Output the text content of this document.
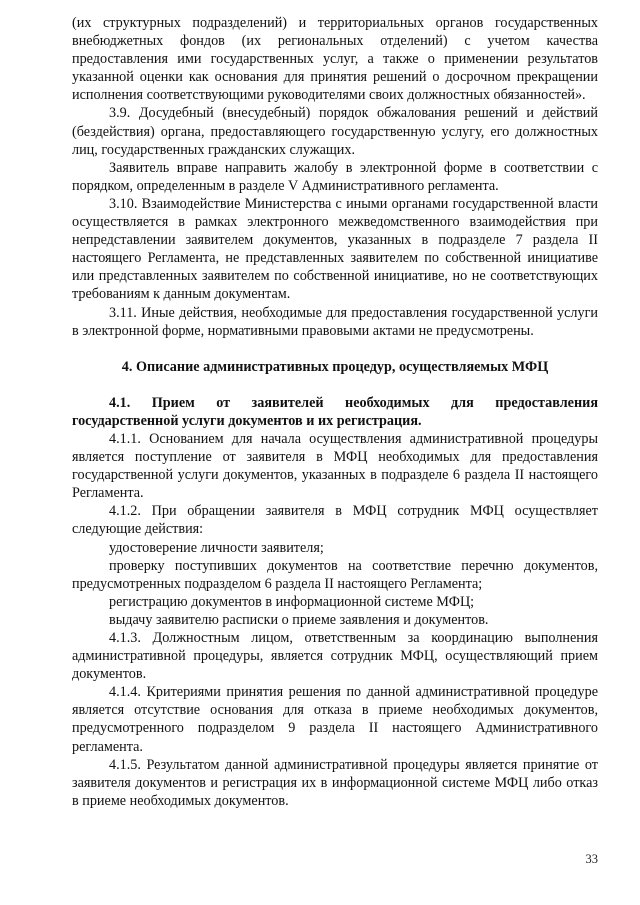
(их структурных подразделений) и территориальных органов государственных внебюджетных фондов (их региональных отделений) с учетом качества предоставления ими государственных услуг, а также о применении результатов указанной оценки как основания для принятия решений о досрочном прекращении исполнения соответствующими руководителями своих должностных обязанностей».

3.9. Досудебный (внесудебный) порядок обжалования решений и действий (бездействия) органа, предоставляющего государственную услугу, его должностных лиц, государственных гражданских служащих.

Заявитель вправе направить жалобу в электронной форме в соответствии с порядком, определенным в разделе V Административного регламента.

3.10. Взаимодействие Министерства с иными органами государственной власти осуществляется в рамках электронного межведомственного взаимодействия при непредставлении заявителем документов, указанных в подразделе 7 раздела II настоящего Регламента, не представленных заявителем по собственной инициативе или представленных заявителем по собственной инициативе, но не соответствующих требованиям к данным документам.

3.11. Иные действия, необходимые для предоставления государственной услуги в электронной форме, нормативными правовыми актами не предусмотрены.

4. Описание административных процедур, осуществляемых МФЦ

4.1. Прием от заявителей необходимых для предоставления государственной услуги документов и их регистрация.

4.1.1. Основанием для начала осуществления административной процедуры является поступление от заявителя в МФЦ необходимых для предоставления государственной услуги документов, указанных в подразделе 6 раздела II настоящего Регламента.

4.1.2. При обращении заявителя в МФЦ сотрудник МФЦ осуществляет следующие действия:

удостоверение личности заявителя;

проверку поступивших документов на соответствие перечню документов, предусмотренных подразделом 6 раздела II настоящего Регламента;

регистрацию документов в информационной системе МФЦ;

выдачу заявителю расписки о приеме заявления и документов.

4.1.3. Должностным лицом, ответственным за координацию выполнения административной процедуры, является сотрудник МФЦ, осуществляющий прием документов.

4.1.4. Критериями принятия решения по данной административной процедуре является отсутствие основания для отказа в приеме необходимых документов, предусмотренного подразделом 9 раздела II настоящего Административного регламента.

4.1.5. Результатом данной административной процедуры является принятие от заявителя документов и регистрация их в информационной системе МФЦ либо отказ в приеме необходимых документов.

33
